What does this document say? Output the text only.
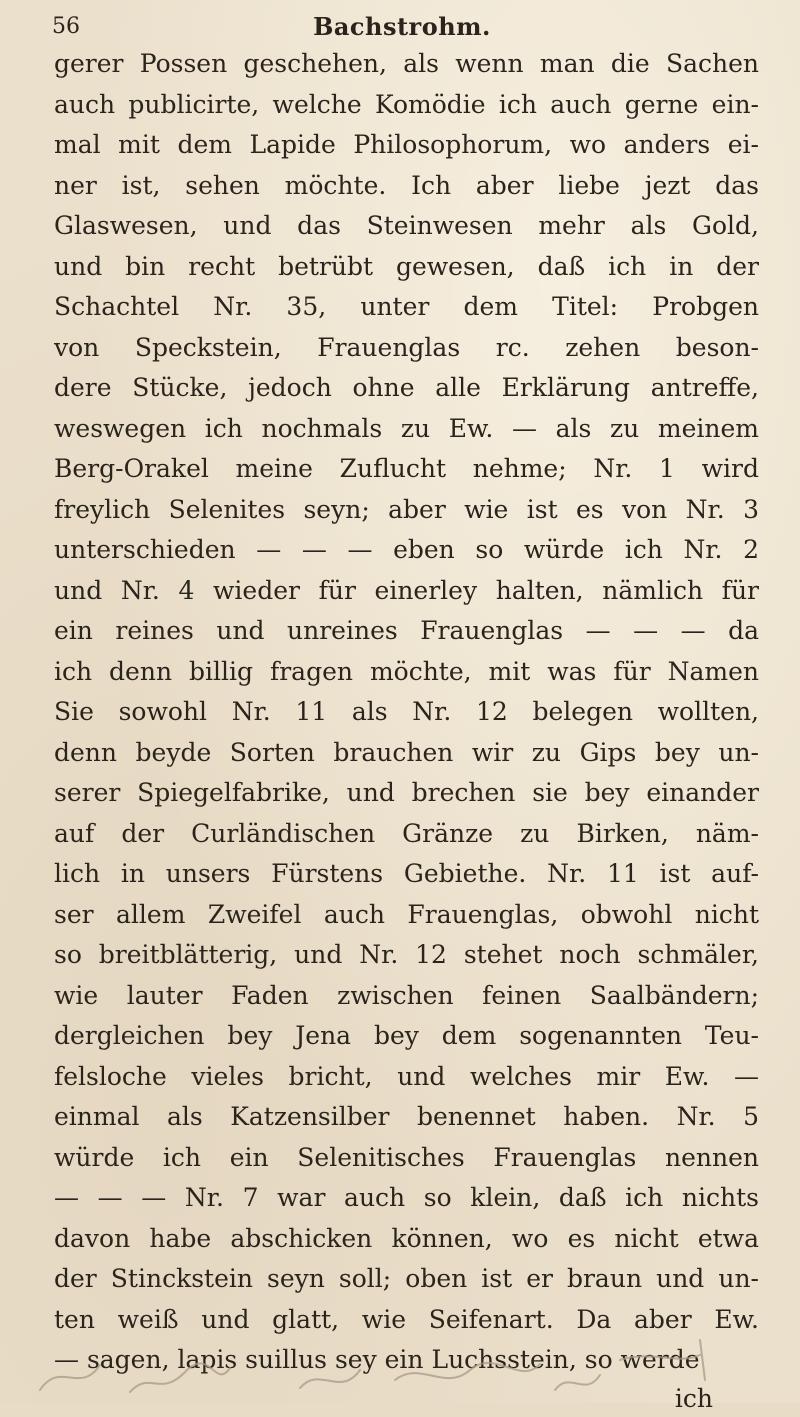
56	Bachstrohm.
gerer Possen geschehen, als wenn man die Sachen
auch publicirte, welche Komödie ich auch gerne ein-
mal mit dem Lapide Philosophorum, wo anders ei-
ner ist, sehen möchte. Ich aber liebe jezt das
Glaswesen, und das Steinwesen mehr als Gold,
und bin recht betrübt gewesen, daß ich in der
Schachtel Nr. 35, unter dem Titel: Probgen
von Speckstein, Frauenglas rc. zehen beson-
dere Stücke, jedoch ohne alle Erklärung antreffe,
weswegen ich nochmals zu Ew. — als zu meinem
Berg-Orakel meine Zuflucht nehme; Nr. 1 wird
freylich Selenites seyn; aber wie ist es von Nr. 3
unterschieden — — — eben so würde ich Nr. 2
und Nr. 4 wieder für einerley halten, nämlich für
ein reines und unreines Frauenglas — — — da
ich denn billig fragen möchte, mit was für Namen
Sie sowohl Nr. 11 als Nr. 12 belegen wollten,
denn beyde Sorten brauchen wir zu Gips bey un-
serer Spiegelfabrike, und brechen sie bey einander
auf der Curländischen Gränze zu Birken, näm-
lich in unsers Fürstens Gebiethe. Nr. 11 ist auf-
ser allem Zweifel auch Frauenglas, obwohl nicht
so breitblätterig, und Nr. 12 stehet noch schmäler,
wie lauter Faden zwischen feinen Saalbändern;
dergleichen bey Jena bey dem sogenannten Teu-
felsloche vieles bricht, und welches mir Ew. —
einmal als Katzensilber benennet haben. Nr. 5
würde ich ein Selenitisches Frauenglas nennen
— — — Nr. 7 war auch so klein, daß ich nichts
davon habe abschicken können, wo es nicht etwa
der Stinckstein seyn soll; oben ist er braun und un-
ten weiß und glatt, wie Seifenart. Da aber Ew.
— sagen, lapis suillus sey ein Luchsstein, so werde
ich
